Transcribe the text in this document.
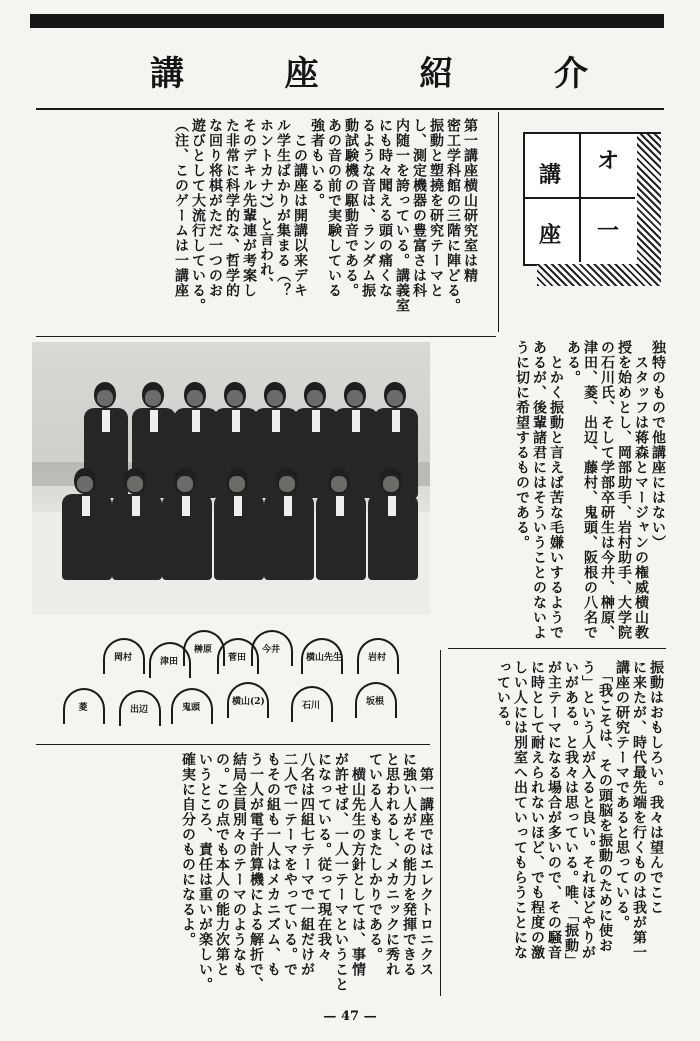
講	座	紹	介
講
オ
座 一
第一講座横山研究室は精
密工学科館の三階に陣どる。
振動と塑撓を研究テーマと
し、測定機器の豊富さは科
内随一を誇っている。講義室
にも時々聞える頭の痛くな
るような音は、ランダム振
動試験機の駆動音である。
あの音の前で実験している
強者もいる。
　この講座は開講以来デキ
ル学生ばかりが集まる（？
ホントカナ?）と言われ、
そのデキル先輩連が考案し
た非常に科学的な、哲学的
な回り将棋がただ一つのお
遊びとして大流行している。
（注、このゲームは一講座
独特のもので他講座にはない）
　スタッフは蒋森とマージャンの権威横山教
授を始めとし、岡部助手、岩村助手、大学院
の石川氏、そして学部卒研生は今井、榊原、
津田、菱、出辺、藤村、鬼頭、阪根の八名で
ある。
　とかく振動と言えば苦な毛嫌いするようで
あるが、後輩諸君にはそういうことのないよ
うに切に希望するものである。
岡村	津田
榊原
菅田
今井
横山先生	岩村
菱	出辺	鬼頭
横山(2)	石川	坂根	振動はおもしろい。我々は望んでここ
に来たが、時代最先端を行くものは我が第一
講座の研究テーマであると思っている。
　「我こそは、その頭脳を振動のために使お
う」という人が入ると良い。それほどやりが
いがある。と我々は思っている。唯、「振動」
が主テーマになる場合が多いので、その騒音
に時として耐えられないほど、でも程度の激
しい人には別室へ出ていってもらうことにな
っている。
　第一講座ではエレクトロニクス
に強い人がその能力を発揮できる
と思われるし、メカニックに秀れ
ている人もまたしかりである。
　横山先生の方針としては、事情
が許せば、一人一テーマということ
になっている。従って現在我々
八名は四組七テーマで一組だけが
二人で一テーマをやっている。で
もその組も一人はメカニズム、も
う一人が電子計算機による解折で、
結局全員別々のテーマのようなも
の。この点でも本人の能力次第と
いうところ、責任は重いが楽しい。
確実に自分のものになるよ。
— 47 —
